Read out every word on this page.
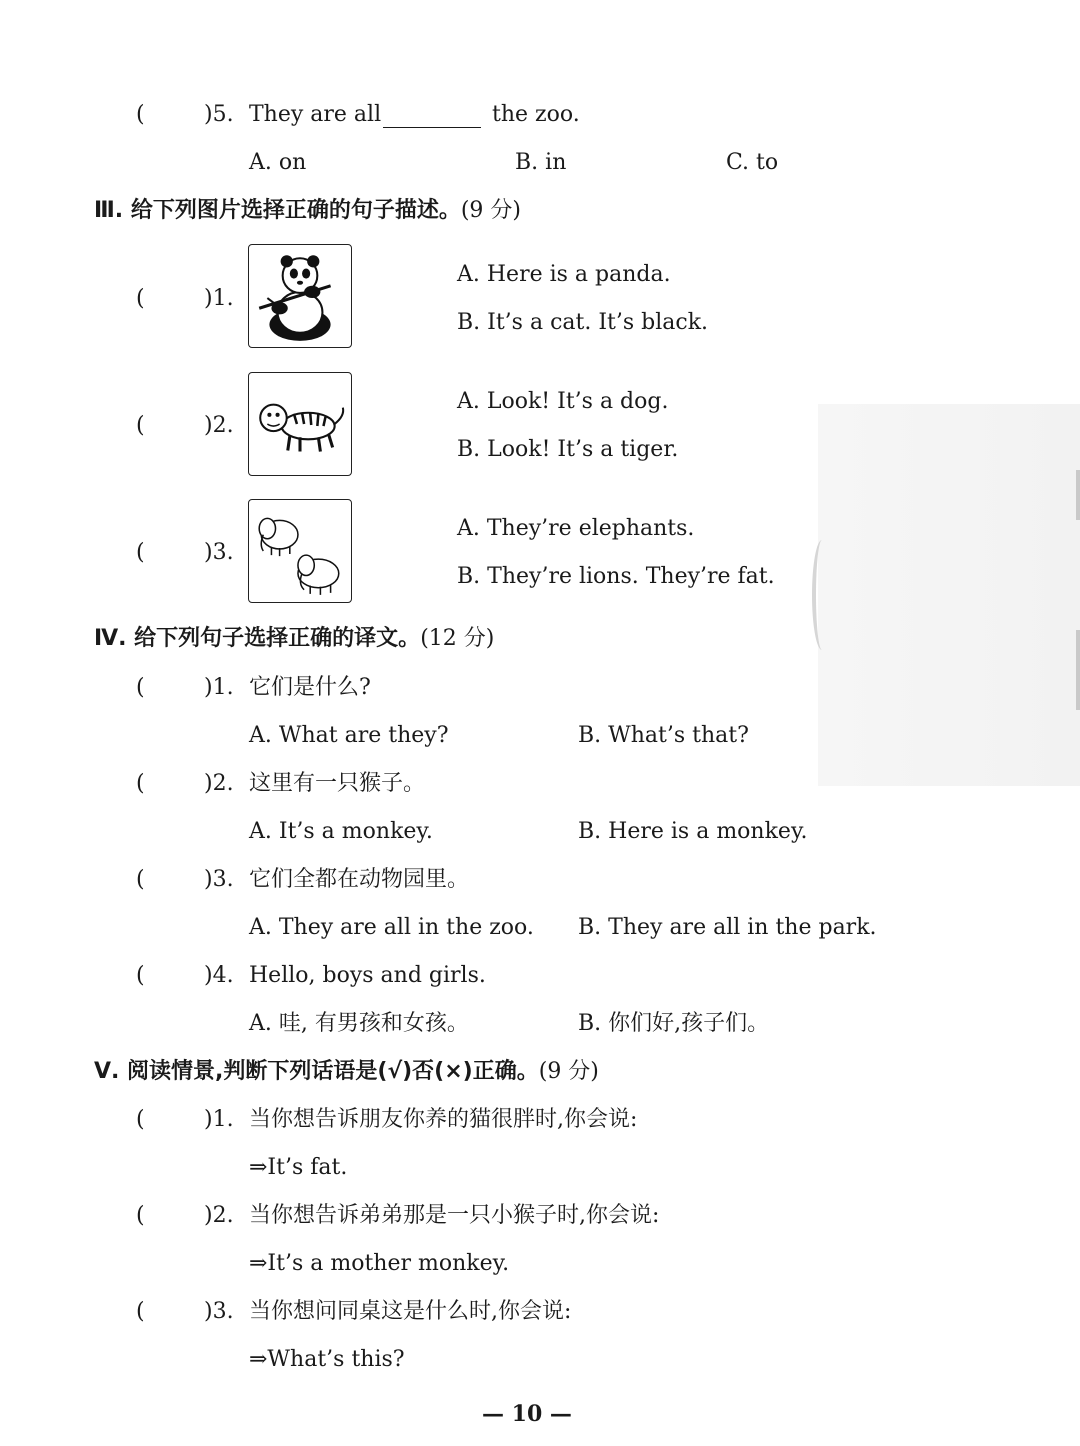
(	)5. They are all	the zoo.
A. on	B. in	C. to
Ⅲ. 给下列图片选择正确的句子描述。(9 分)
(	)1.
A. Here is a panda.
B. It’s a cat. It’s black.
(	)2.
A. Look! It’s a dog.
B. Look! It’s a tiger.
(	)3.
A. They’re elephants.
B. They’re lions. They’re fat.
Ⅳ. 给下列句子选择正确的译文。(12 分)
(	)1. 它们是什么?
A. What are they?	B. What’s that?
(	)2. 这里有一只猴子。
A. It’s a monkey.	B. Here is a monkey.
(	)3. 它们全都在动物园里。
A. They are all in the zoo. B. They are all in the park.
(	)4. Hello, boys and girls.
A. 哇, 有男孩和女孩。	B. 你们好,孩子们。
Ⅴ. 阅读情景,判断下列话语是(√)否(×)正确。(9 分)
(	)1. 当你想告诉朋友你养的猫很胖时,你会说:
⇒It’s fat.
(	)2. 当你想告诉弟弟那是一只小猴子时,你会说:
⇒It’s a mother monkey.
(	)3. 当你想问同桌这是什么时,你会说:
⇒What’s this?
— 10 —
